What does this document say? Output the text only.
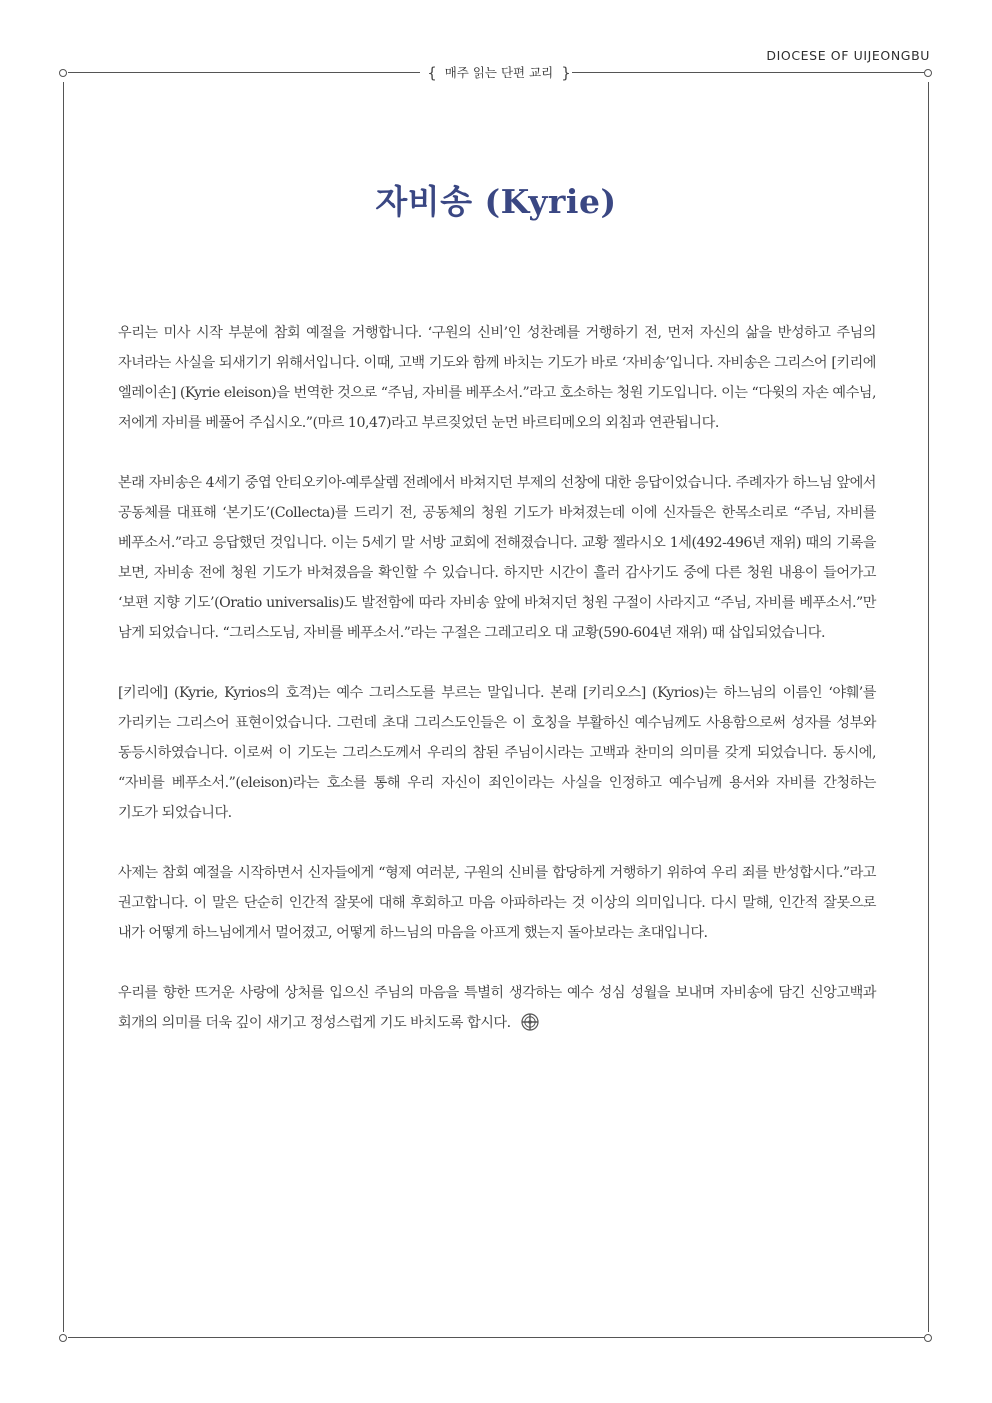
DIOCESE OF UIJEONGBU
{ 매주 읽는 단편 교리 }
자비송 (Kyrie)

우리는 미사 시작 부분에 참회 예절을 거행합니다. ‘구원의 신비’인 성찬례를 거행하기 전, 먼저 자신의 삶을 반성하고 주님의 자녀라는 사실을 되새기기 위해서입니다. 이때, 고백 기도와 함께 바치는 기도가 바로 ‘자비송’입니다. 자비송은 그리스어 [키리에 엘레이손] (Kyrie eleison)을 번역한 것으로 “주님, 자비를 베푸소서.”라고 호소하는 청원 기도입니다. 이는 “다윗의 자손 예수님, 저에게 자비를 베풀어 주십시오.”(마르 10,47)라고 부르짖었던 눈먼 바르티메오의 외침과 연관됩니다.

본래 자비송은 4세기 중엽 안티오키아-예루살렘 전례에서 바쳐지던 부제의 선창에 대한 응답이었습니다. 주례자가 하느님 앞에서 공동체를 대표해 ‘본기도’(Collecta)를 드리기 전, 공동체의 청원 기도가 바쳐졌는데 이에 신자들은 한목소리로 “주님, 자비를 베푸소서.”라고 응답했던 것입니다. 이는 5세기 말 서방 교회에 전해졌습니다. 교황 젤라시오 1세(492-496년 재위) 때의 기록을 보면, 자비송 전에 청원 기도가 바쳐졌음을 확인할 수 있습니다. 하지만 시간이 흘러 감사기도 중에 다른 청원 내용이 들어가고 ‘보편 지향 기도’(Oratio universalis)도 발전함에 따라 자비송 앞에 바쳐지던 청원 구절이 사라지고 “주님, 자비를 베푸소서.”만 남게 되었습니다. “그리스도님, 자비를 베푸소서.”라는 구절은 그레고리오 대 교황(590-604년 재위) 때 삽입되었습니다.

[키리에] (Kyrie, Kyrios의 호격)는 예수 그리스도를 부르는 말입니다. 본래 [키리오스] (Kyrios)는 하느님의 이름인 ‘야훼’를 가리키는 그리스어 표현이었습니다. 그런데 초대 그리스도인들은 이 호칭을 부활하신 예수님께도 사용함으로써 성자를 성부와 동등시하였습니다. 이로써 이 기도는 그리스도께서 우리의 참된 주님이시라는 고백과 찬미의 의미를 갖게 되었습니다. 동시에, “자비를 베푸소서.”(eleison)라는 호소를 통해 우리 자신이 죄인이라는 사실을 인정하고 예수님께 용서와 자비를 간청하는 기도가 되었습니다.

사제는 참회 예절을 시작하면서 신자들에게 “형제 여러분, 구원의 신비를 합당하게 거행하기 위하여 우리 죄를 반성합시다.”라고 권고합니다. 이 말은 단순히 인간적 잘못에 대해 후회하고 마음 아파하라는 것 이상의 의미입니다. 다시 말해, 인간적 잘못으로 내가 어떻게 하느님에게서 멀어졌고, 어떻게 하느님의 마음을 아프게 했는지 돌아보라는 초대입니다.

우리를 향한 뜨거운 사랑에 상처를 입으신 주님의 마음을 특별히 생각하는 예수 성심 성월을 보내며 자비송에 담긴 신앙고백과 회개의 의미를 더욱 깊이 새기고 정성스럽게 기도 바치도록 합시다.
